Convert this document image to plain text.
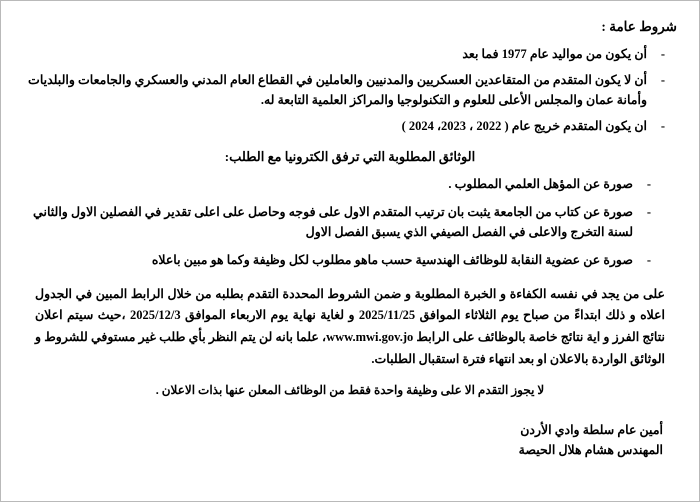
شروط عامة :
-
أن يكون من مواليد عام 1977 فما بعد
-
أن لا يكون المتقدم من المتقاعدين العسكريين والمدنيين والعاملين في القطاع العام المدني والعسكري والجامعات والبلديات وأمانة عمان والمجلس الأعلى للعلوم و التكنولوجيا والمراكز العلمية التابعة له.
-
ان يكون المتقدم خريج عام ( 2022 ، 2023، 2024 )
الوثائق المطلوبة التي ترفق الكترونيا مع الطلب:
-
صورة عن المؤهل العلمي المطلوب .
-
صورة عن كتاب من الجامعة يثبت بان ترتيب المتقدم الاول على فوجه وحاصل على اعلى تقدير في الفصلين الاول والثاني لسنة التخرج والاعلى في الفصل الصيفي الذي يسبق الفصل الاول
-
صورة عن عضوية النقابة للوظائف الهندسية حسب ماهو مطلوب لكل وظيفة وكما هو مبين باعلاه
على من يجد في نفسه الكفاءة و الخبرة المطلوبة و ضمن الشروط المحددة التقدم بطلبه من خلال الرابط المبين في الجدول اعلاه و ذلك ابتداءً من صباح يوم الثلاثاء الموافق 2025/11/25 و لغاية نهاية يوم الاربعاء الموافق 2025/12/3 ،حيث سيتم اعلان نتائج الفرز و اية نتائج خاصة بالوظائف على الرابط www.mwi.gov.jo، علما بانه لن يتم النظر بأي طلب غير مستوفي للشروط و الوثائق الواردة بالاعلان او بعد انتهاء فترة استقبال الطلبات.
لا يجوز التقدم الا على وظيفة واحدة فقط من الوظائف المعلن عنها بذات الاعلان .
أمين عام سلطة وادي الأردن
المهندس هشام هلال الحيصة
